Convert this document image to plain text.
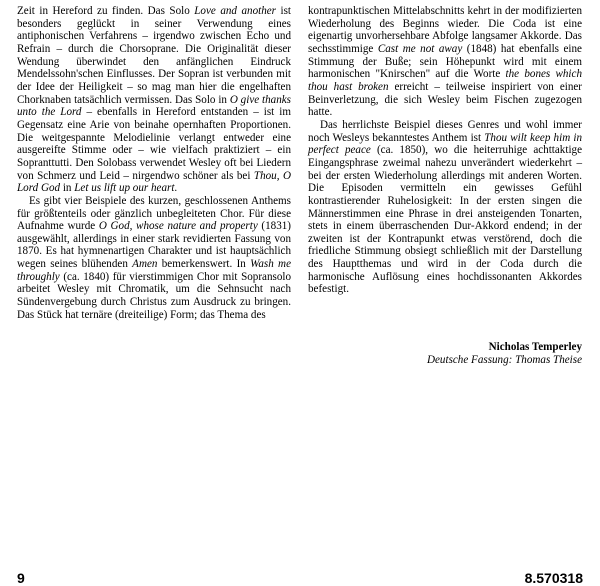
Zeit in Hereford zu finden. Das Solo Love and another ist besonders geglückt in seiner Verwendung eines antiphonischen Verfahrens – irgendwo zwischen Echo und Refrain – durch die Chorsoprane. Die Originalität dieser Wendung überwindet den anfänglichen Eindruck Mendelssohn'schen Einflusses. Der Sopran ist verbunden mit der Idee der Heiligkeit – so mag man hier die engelhaften Chorknaben tatsächlich vermissen. Das Solo in O give thanks unto the Lord – ebenfalls in Hereford entstanden – ist im Gegensatz eine Arie von beinahe opernhaften Proportionen. Die weitgespannte Melodielinie verlangt entweder eine ausgereifte Stimme oder – wie vielfach praktiziert – ein Sopranttutti. Den Solobass verwendet Wesley oft bei Liedern von Schmerz und Leid – nirgendwo schöner als bei Thou, O Lord God in Let us lift up our heart.

Es gibt vier Beispiele des kurzen, geschlossenen Anthems für größtenteils oder gänzlich unbegleiteten Chor. Für diese Aufnahme wurde O God, whose nature and property (1831) ausgewählt, allerdings in einer stark revidierten Fassung von 1870. Es hat hymnenartigen Charakter und ist hauptsächlich wegen seines blühenden Amen bemerkenswert. In Wash me throughly (ca. 1840) für vierstimmigen Chor mit Sopransolo arbeitet Wesley mit Chromatik, um die Sehnsucht nach Sündenvergebung durch Christus zum Ausdruck zu bringen. Das Stück hat ternäre (dreiteilige) Form; das Thema des

kontrapunktischen Mittelabschnitts kehrt in der modifizierten Wiederholung des Beginns wieder. Die Coda ist eine eigenartig unvorhersehbare Abfolge langsamer Akkorde. Das sechsstimmige Cast me not away (1848) hat ebenfalls eine Stimmung der Buße; sein Höhepunkt wird mit einem harmonischen "Knirschen" auf die Worte the bones which thou hast broken erreicht – teilweise inspiriert von einer Beinverletzung, die sich Wesley beim Fischen zugezogen hatte.

Das herrlichste Beispiel dieses Genres und wohl immer noch Wesleys bekanntestes Anthem ist Thou wilt keep him in perfect peace (ca. 1850), wo die heiterruhige achttaktige Eingangsphrase zweimal nahezu unverändert wiederkehrt – bei der ersten Wiederholung allerdings mit anderen Worten. Die Episoden vermitteln ein gewisses Gefühl kontrastierender Ruhelosigkeit: In der ersten singen die Männerstimmen eine Phrase in drei ansteigenden Tonarten, stets in einem überraschenden Dur-Akkord endend; in der zweiten ist der Kontrapunkt etwas verstörend, doch die friedliche Stimmung obsiegt schließlich mit der Darstellung des Hauptthemas und wird in der Coda durch die harmonische Auflösung eines hochdissonanten Akkordes befestigt.

Nicholas Temperley
Deutsche Fassung: Thomas Theise
9	8.570318
